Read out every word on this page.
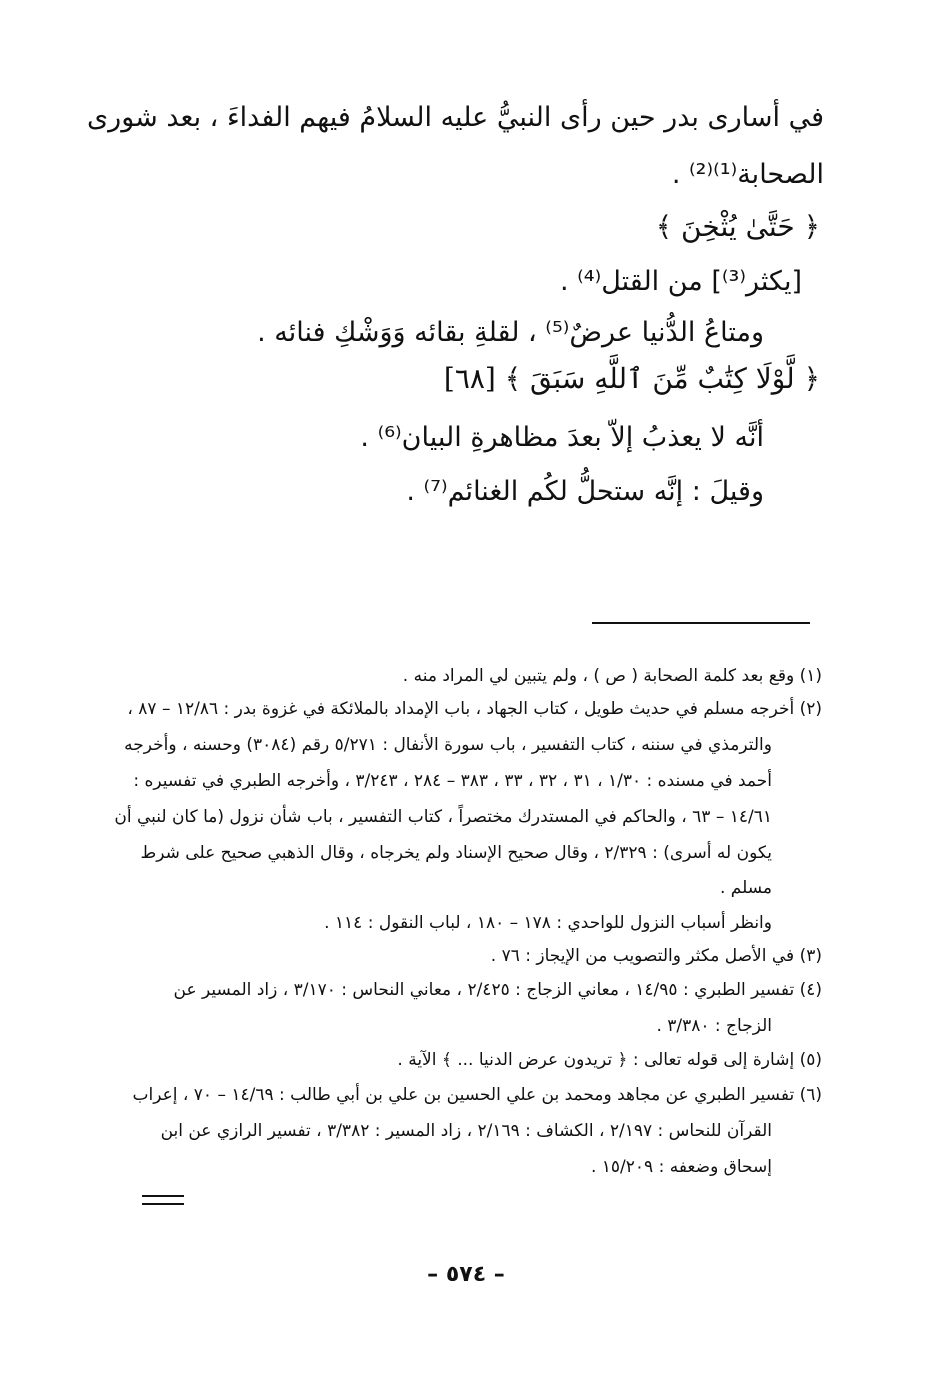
في أسارى بدر حين رأى النبيُّ عليه السلامُ فيهم الفداءَ ، بعد شورى
الصحابة⁽¹⁾⁽²⁾ .
﴿ حَتَّىٰ يُثْخِنَ ﴾
[يكثر⁽³⁾] من القتل⁽⁴⁾ .
ومتاعُ الدُّنيا عرضٌ⁽⁵⁾ ، لقلةِ بقائه وَوَشْكِ فنائه .
﴿ لَّوْلَا كِتَٰبٌ مِّنَ ٱللَّهِ سَبَقَ ﴾ [٦٨]
أنَّه لا يعذبُ إلاّ بعدَ مظاهرةِ البيان⁽⁶⁾ .
وقيلَ : إنَّه ستحلُّ لكُم الغنائم⁽⁷⁾ .
(١) وقع بعد كلمة الصحابة ( ص ) ، ولم يتبين لي المراد منه .
(٢) أخرجه مسلم في حديث طويل ، كتاب الجهاد ، باب الإمداد بالملائكة في غزوة بدر : ١٢/٨٦ – ٨٧ ،
والترمذي في سننه ، كتاب التفسير ، باب سورة الأنفال : ٥/٢٧١ رقم (٣٠٨٤) وحسنه ، وأخرجه
أحمد في مسنده : ١/٣٠ ، ٣١ ، ٣٢ ، ٣٣ ، ٣٨٣ – ٢٨٤ ، ٣/٢٤٣ ، وأخرجه الطبري في تفسيره :
١٤/٦١ – ٦٣ ، والحاكم في المستدرك مختصراً ، كتاب التفسير ، باب شأن نزول (ما كان لنبي أن
يكون له أسرى) : ٢/٣٢٩ ، وقال صحيح الإسناد ولم يخرجاه ، وقال الذهبي صحيح على شرط
مسلم .
وانظر أسباب النزول للواحدي : ١٧٨ – ١٨٠ ، لباب النقول : ١١٤ .
(٣) في الأصل مكثر والتصويب من الإيجاز : ٧٦ .
(٤) تفسير الطبري : ١٤/٩٥ ، معاني الزجاج : ٢/٤٢٥ ، معاني النحاس : ٣/١٧٠ ، زاد المسير عن
الزجاج : ٣/٣٨٠ .
(٥) إشارة إلى قوله تعالى : ﴿ تريدون عرض الدنيا ... ﴾ الآية .
(٦) تفسير الطبري عن مجاهد ومحمد بن علي الحسين بن علي بن أبي طالب : ١٤/٦٩ – ٧٠ ، إعراب
القرآن للنحاس : ٢/١٩٧ ، الكشاف : ٢/١٦٩ ، زاد المسير : ٣/٣٨٢ ، تفسير الرازي عن ابن
إسحاق وضعفه : ١٥/٢٠٩ .
– ٥٧٤ –
